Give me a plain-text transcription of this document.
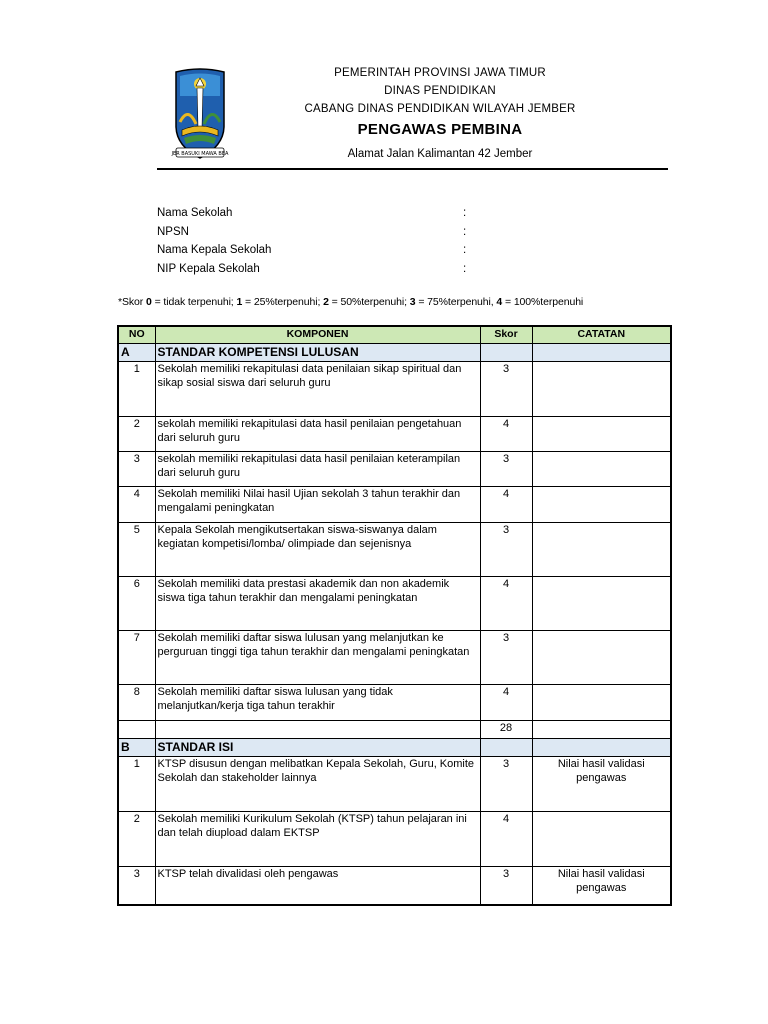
JER BASUKI MAWA BEA
PEMERINTAH PROVINSI JAWA TIMUR
DINAS PENDIDIKAN
CABANG DINAS PENDIDIKAN WILAYAH JEMBER
PENGAWAS PEMBINA
Alamat Jalan Kalimantan 42 Jember
Nama Sekolah	:
NPSN	:
Nama Kepala Sekolah	:
NIP Kepala Sekolah	:
*Skor 0 = tidak terpenuhi; 1 = 25%terpenuhi; 2 = 50%terpenuhi; 3 = 75%terpenuhi, 4 = 100%terpenuhi
NO	KOMPONEN	Skor	CATATAN
A	STANDAR KOMPETENSI LULUSAN		
1	Sekolah memiliki rekapitulasi data penilaian sikap spiritual dan sikap sosial siswa dari seluruh guru	3	
2	sekolah memiliki rekapitulasi data hasil penilaian pengetahuan dari seluruh guru	4	
3	sekolah memiliki rekapitulasi data hasil penilaian keterampilan dari seluruh guru	3	
4	Sekolah memiliki Nilai hasil Ujian sekolah 3 tahun terakhir dan mengalami peningkatan	4	
5	Kepala Sekolah mengikutsertakan siswa-siswanya dalam kegiatan kompetisi/lomba/ olimpiade dan sejenisnya	3	
6	Sekolah memiliki data prestasi akademik dan non akademik siswa tiga tahun terakhir dan mengalami peningkatan	4	
7	Sekolah memiliki daftar siswa lulusan yang melanjutkan ke perguruan tinggi tiga tahun terakhir dan mengalami peningkatan	3	
8	Sekolah memiliki daftar siswa lulusan yang tidak melanjutkan/kerja tiga tahun terakhir	4	
		28	
B	STANDAR ISI		
1	KTSP disusun dengan melibatkan Kepala Sekolah, Guru, Komite Sekolah dan stakeholder lainnya	3	Nilai hasil validasi pengawas
2	Sekolah memiliki Kurikulum Sekolah (KTSP) tahun pelajaran ini dan telah diupload dalam EKTSP	4	
3	KTSP telah divalidasi oleh pengawas	3	Nilai hasil validasi pengawas
